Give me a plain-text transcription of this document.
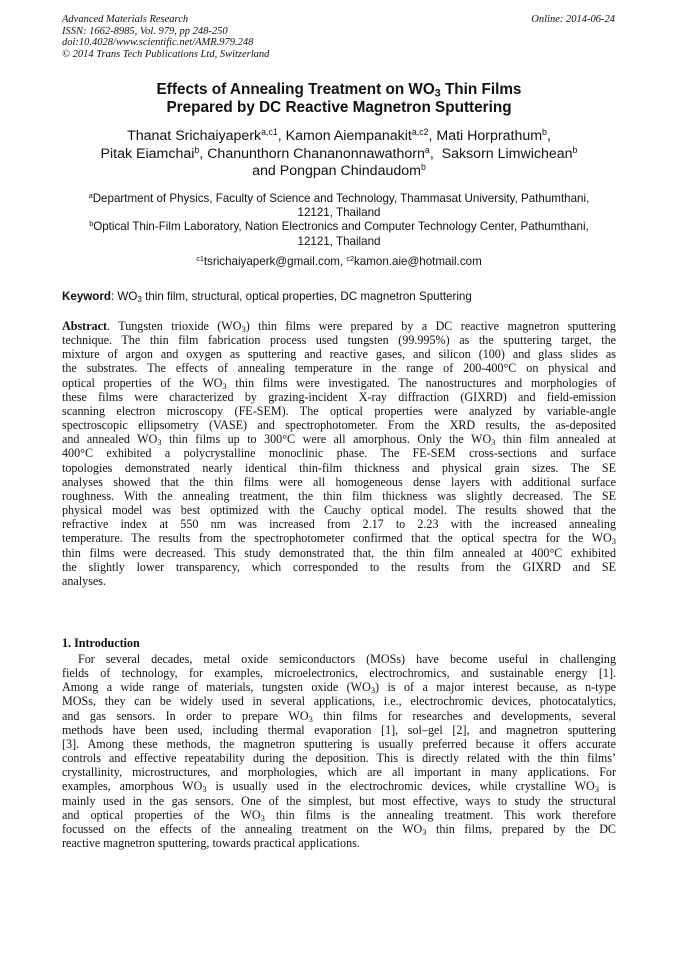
Advanced Materials Research
ISSN: 1662-8985, Vol. 979, pp 248-250
doi:10.4028/www.scientific.net/AMR.979.248
© 2014 Trans Tech Publications Ltd, Switzerland
Online: 2014-06-24
Effects of Annealing Treatment on $WO_3$ Thin Films
Prepared by DC Reactive Magnetron Sputtering
Thanat Srichaiyaperk$^{a,c1}$, Kamon Aiempanakit$^{a,c2}$, Mati Horprathum$^b$,
Pitak Eiamchai$^b$, Chanunthorn Chananonnawathorn$^a$,  Saksorn Limwichean$^b$
and Pongpan Chindaudom$^b$
$^a$Department of Physics, Faculty of Science and Technology, Thammasat University, Pathumthani,
12121, Thailand
$^b$Optical Thin-Film Laboratory, Nation Electronics and Computer Technology Center, Pathumthani,
12121, Thailand
$^{c1}$tsrichaiyaperk@gmail.com, $^{c2}$kamon.aie@hotmail.com
Keyword: $WO_3$ thin film, structural, optical properties, DC magnetron Sputtering
Abstract. Tungsten trioxide $(WO_3)$ thin films were prepared by a DC reactive magnetron sputtering
technique. The thin film fabrication process used tungsten (99.995%) as the sputtering target, the
mixture of argon and oxygen as sputtering and reactive gases, and silicon (100) and glass slides as
the substrates. The effects of annealing temperature in the range of 200-400°C on physical and
optical properties of the $WO_3$ thin films were investigated. The nanostructures and morphologies of
these films were characterized by grazing-incident X-ray diffraction (GIXRD) and field-emission
scanning electron microscopy (FE-SEM). The optical properties were analyzed by variable-angle
spectroscopic ellipsometry (VASE) and spectrophotometer. From the XRD results, the as-deposited
and annealed $WO_3$ thin films up to 300°C were all amorphous. Only the $WO_3$ thin film annealed at
400°C exhibited a polycrystalline monoclinic phase. The FE-SEM cross-sections and surface
topologies demonstrated nearly identical thin-film thickness and physical grain sizes. The SE
analyses showed that the thin films were all homogeneous dense layers with additional surface
roughness. With the annealing treatment, the thin film thickness was slightly decreased. The SE
physical model was best optimized with the Cauchy optical model. The results showed that the
refractive index at 550 nm was increased from 2.17 to 2.23 with the increased annealing
temperature. The results from the spectrophotometer confirmed that the optical spectra for the $WO_3$
thin films were decreased. This study demonstrated that, the thin film annealed at 400°C exhibited
the slightly lower transparency, which corresponded to the results from the GIXRD and SE
analyses.
1. Introduction
For several decades, metal oxide semiconductors (MOSs) have become useful in challenging
fields of technology, for examples, microelectronics, electrochromics, and sustainable energy [1].
Among a wide range of materials, tungsten oxide $(WO_3)$ is of a major interest because, as n-type
MOSs, they can be widely used in several applications, i.e., electrochromic devices, photocatalytics,
and gas sensors. In order to prepare $WO_3$ thin films for researches and developments, several
methods have been used, including thermal evaporation [1], sol–gel [2], and magnetron sputtering
[3]. Among these methods, the magnetron sputtering is usually preferred because it offers accurate
controls and effective repeatability during the deposition. This is directly related with the thin films’
crystallinity, microstructures, and morphologies, which are all important in many applications. For
examples, amorphous $WO_3$ is usually used in the electrochromic devices, while crystalline $WO_3$ is
mainly used in the gas sensors. One of the simplest, but most effective, ways to study the structural
and optical properties of the $WO_3$ thin films is the annealing treatment. This work therefore
focussed on the effects of the annealing treatment on the $WO_3$ thin films, prepared by the DC
reactive magnetron sputtering, towards practical applications.
